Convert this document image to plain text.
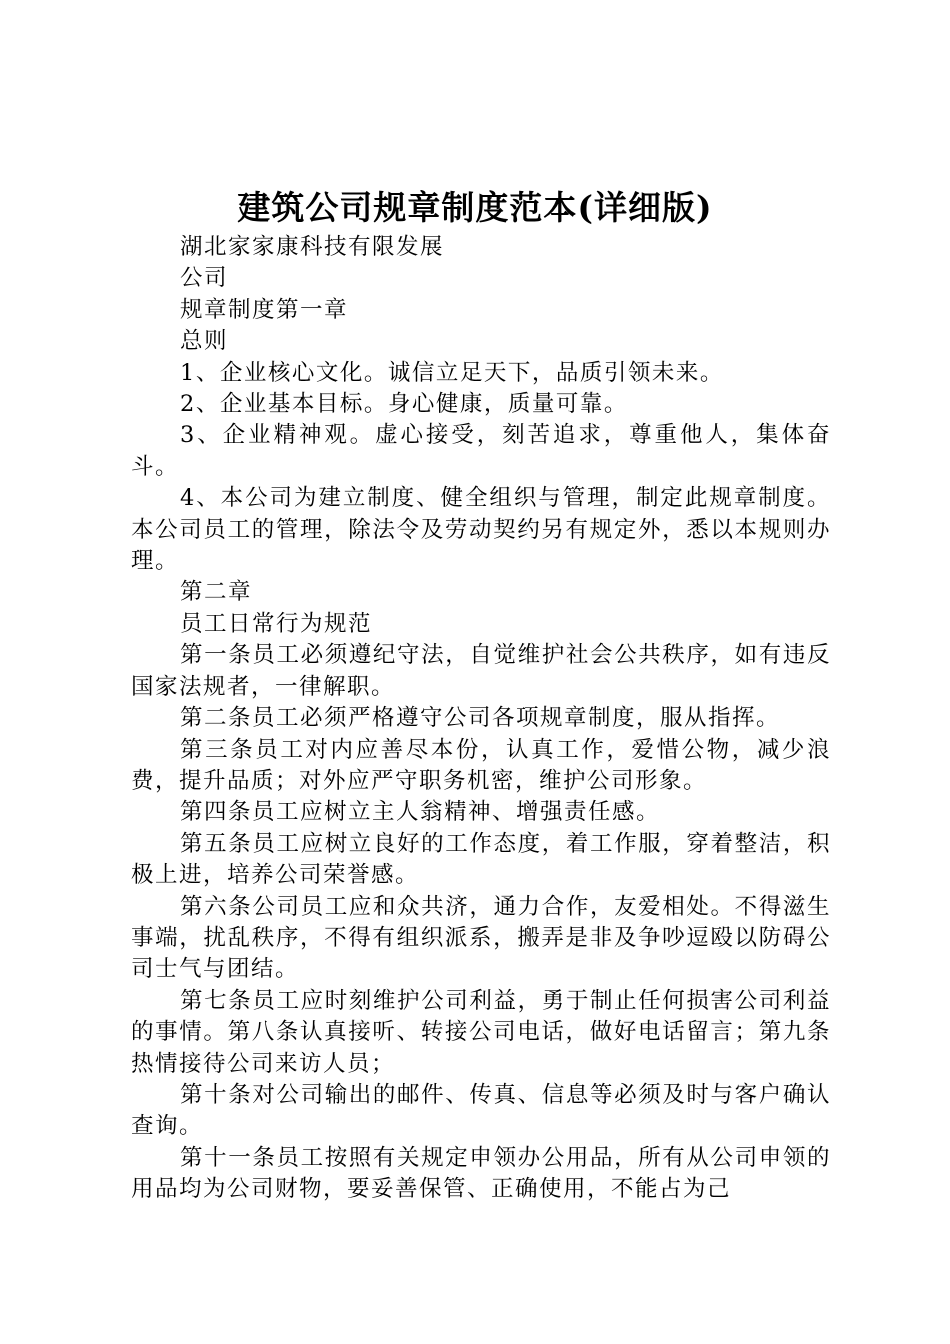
建筑公司规章制度范本(详细版)

湖北家家康科技有限发展

公司

规章制度第一章

总则

1、企业核心文化。诚信立足天下，品质引领未来。

2、企业基本目标。身心健康，质量可靠。

3、企业精神观。虚心接受，刻苦追求，尊重他人，集体奋斗。

4、本公司为建立制度、健全组织与管理，制定此规章制度。本公司员工的管理，除法令及劳动契约另有规定外，悉以本规则办理。

第二章

员工日常行为规范

第一条员工必须遵纪守法，自觉维护社会公共秩序，如有违反国家法规者，一律解职。

第二条员工必须严格遵守公司各项规章制度，服从指挥。

第三条员工对内应善尽本份，认真工作，爱惜公物，减少浪费，提升品质；对外应严守职务机密，维护公司形象。

第四条员工应树立主人翁精神、增强责任感。

第五条员工应树立良好的工作态度，着工作服，穿着整洁，积极上进，培养公司荣誉感。

第六条公司员工应和众共济，通力合作，友爱相处。不得滋生事端，扰乱秩序，不得有组织派系，搬弄是非及争吵逗殴以防碍公司士气与团结。

第七条员工应时刻维护公司利益，勇于制止任何损害公司利益的事情。第八条认真接听、转接公司电话，做好电话留言；第九条热情接待公司来访人员；

第十条对公司输出的邮件、传真、信息等必须及时与客户确认查询。

第十一条员工按照有关规定申领办公用品，所有从公司申领的用品均为公司财物，要妥善保管、正确使用，不能占为己
